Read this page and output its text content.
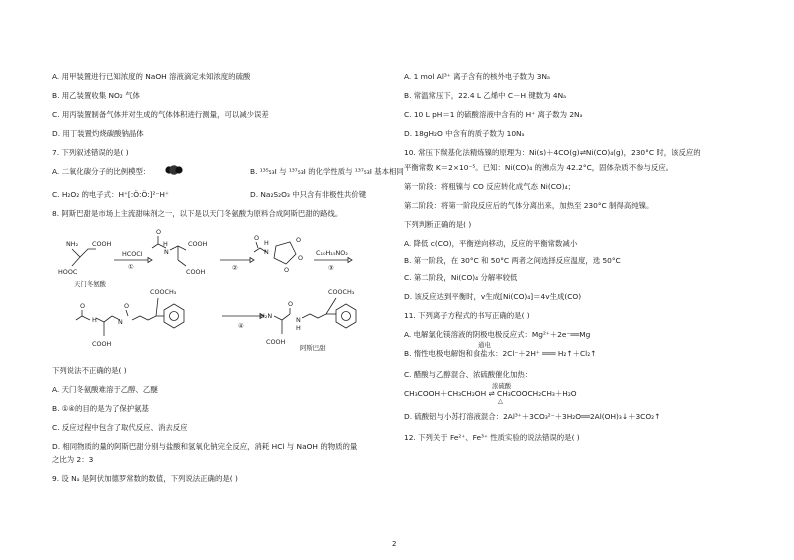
A. 用甲装置进行已知浓度的 NaOH 溶液滴定未知浓度的硫酸
B. 用乙装置收集 NO₂ 气体
C. 用丙装置制备气体并对生成的气体体积进行测量，可以减少误差
D. 用丁装置灼烧碳酸钠晶体
7. 下列叙述错误的是( )
A. 二氧化碳分子的比例模型：	B. ¹³⁵₅₃I 与 ¹³⁷₅₃I 的化学性质与 ¹³⁷₅₃I 基本相同
C. H₂O₂ 的电子式：H⁺[:Ö:Ö:]²⁻H⁺	D. Na₂S₂O₃ 中只含有非极性共价键
8. 阿斯巴甜是市场上主流甜味剂之一，以下是以天门冬氨酸为原料合成阿斯巴甜的路线。
NH₂ COOH
HOOC
天门冬氨酸
HCOCl
①
O
N
H	COOH
COOH	②
O
N
H	O
O
O
C₁₀H₁₅NO₂
③
COOCH₃
O
H	N
O
COOH
④
COOCH₃
H₂N
O
N
H
COOH
阿斯巴甜
下列说法不正确的是( )
A. 天门冬氨酸难溶于乙醇、乙醚
B. ①④的目的是为了保护氨基
C. 反应过程中包含了取代反应、消去反应
D. 相同物质的量的阿斯巴甜分别与盐酸和氢氧化钠完全反应，消耗 HCl 与 NaOH 的物质的量
之比为 2：3
9. 设 Nₐ 是阿伏加德罗常数的数值，下列说法正确的是( )
A. 1 mol Al³⁺ 离子含有的核外电子数为 3Nₐ
B. 常温常压下，22.4 L 乙烯中 C－H 键数为 4Nₐ
C. 10 L pH＝1 的硫酸溶液中含有的 H⁺ 离子数为 2Nₐ
D. 18gH₂O 中含有的质子数为 10Nₐ
10. 常压下羰基化法精炼镍的原理为：Ni(s)＋4CO(g)⇌Ni(CO)₄(g)，230°C 时，该反应的
平衡常数 K＝2×10⁻⁵。已知：Ni(CO)₄ 的沸点为 42.2°C，固体杂质不参与反应。
第一阶段：将粗镍与 CO 反应转化成气态 Ni(CO)₄；
第二阶段：将第一阶段反应后的气体分离出来，加热至 230°C 制得高纯镍。
下列判断正确的是( )
A. 降低 c(CO)，平衡逆向移动，反应的平衡常数减小
B. 第一阶段，在 30°C 和 50°C 两者之间选择反应温度，选 50°C
C. 第二阶段，Ni(CO)₄ 分解率较低
D. 该反应达到平衡时，v生成[Ni(CO)₄]＝4v生成(CO)
11. 下列离子方程式的书写正确的是( )
A. 电解氯化镁溶液的阴极电极反应式：Mg²⁺＋2e⁻══Mg
通电
B. 惰性电极电解饱和食盐水：2Cl⁻＋2H⁺ ═══ H₂↑＋Cl₂↑
C. 醋酸与乙醇混合、浓硫酸催化加热：
浓硫酸
CH₃COOH＋CH₃CH₂OH ⇌ CH₃COOCH₂CH₃＋H₂O
△
D. 硫酸铝与小苏打溶液混合：2Al³⁺＋3CO₃²⁻＋3H₂O══2Al(OH)₃↓＋3CO₂↑
12. 下列关于 Fe²⁺、Fe³⁺ 性质实验的说法错误的是( )
2
